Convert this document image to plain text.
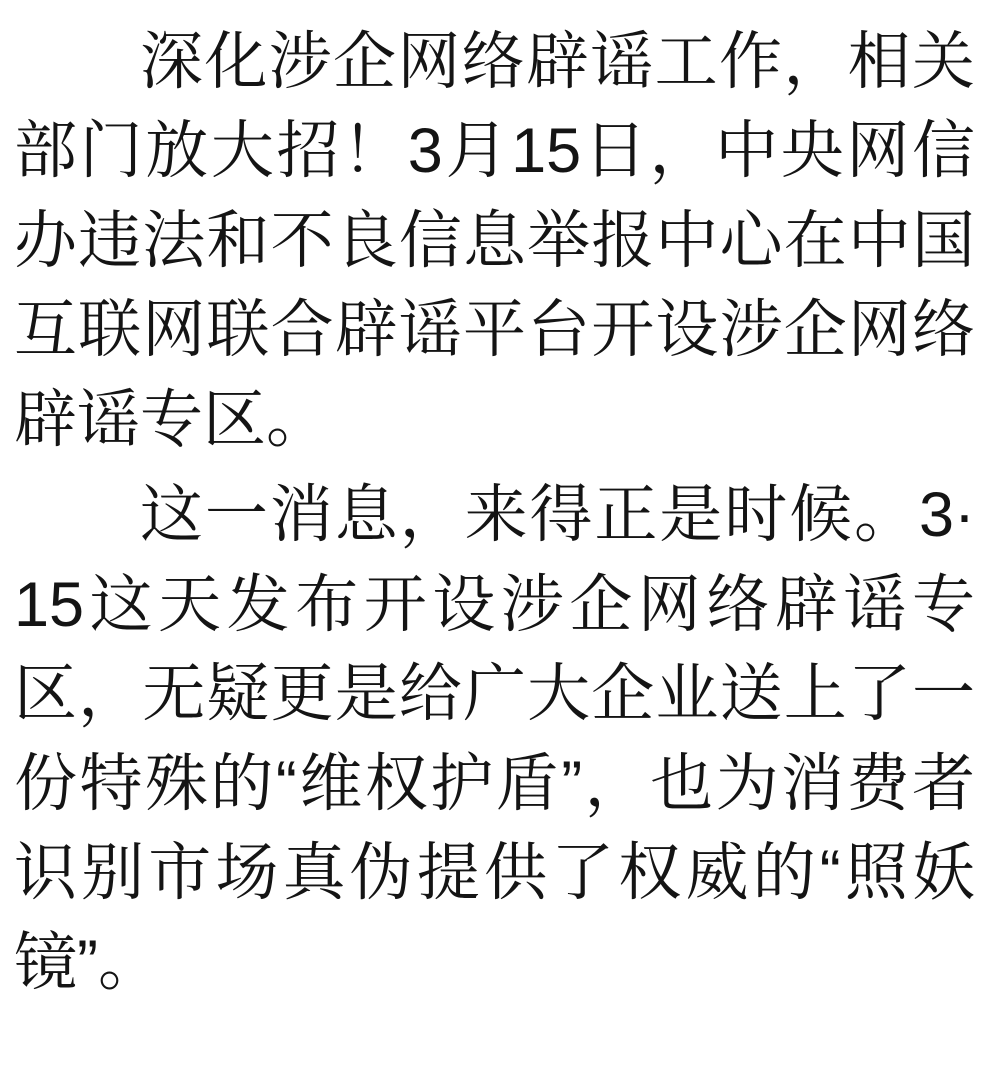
深化涉企网络辟谣工作，相关部门放大招！3月15日，中央网信办违法和不良信息举报中心在中国互联网联合辟谣平台开设涉企网络辟谣专区。

这一消息，来得正是时候。3·15这天发布开设涉企网络辟谣专区，无疑更是给广大企业送上了一份特殊的“维权护盾”，也为消费者识别市场真伪提供了权威的“照妖镜”。
